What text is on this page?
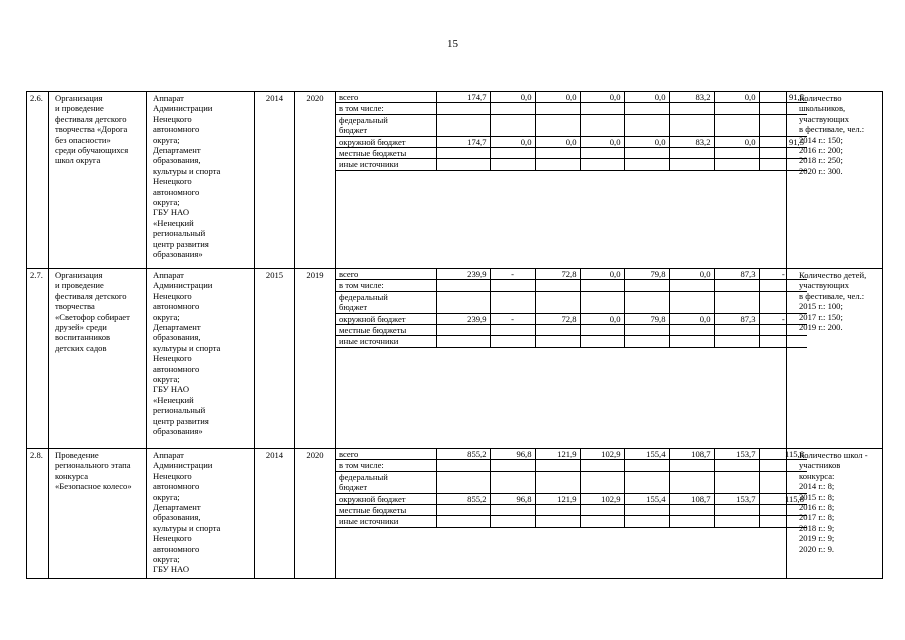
15
2.6.	Организация
и проведение
фестиваля детского
творчества «Дорога
без опасности»
среди обучающихся
школ округа	Аппарат
Администрации
Ненецкого
автономного
округа;
Департамент
образования,
культуры и спорта
Ненецкого
автономного
округа;
ГБУ НАО
«Ненецкий
региональный
центр развития
образования»	2014	2020	всего	174,7	0,0	0,0	0,0	0,0	83,2	0,0	91,5
в том числе:								
федеральный
бюджет								
окружной бюджет	174,7	0,0	0,0	0,0	0,0	83,2	0,0	91,5
местные бюджеты								
иные источники								
	Количество
школьников,
участвующих
в фестивале, чел.:
2014 г.: 150;
2016 г.: 200;
2018 г.: 250;
2020 г.: 300.
2.7.	Организация
и проведение
фестиваля детского
творчества
«Светофор собирает
друзей» среди
воспитанников
детских садов	Аппарат
Администрации
Ненецкого
автономного
округа;
Департамент
образования,
культуры и спорта
Ненецкого
автономного
округа;
ГБУ НАО
«Ненецкий
региональный
центр развития
образования»	2015	2019	всего	239,9	-	72,8	0,0	79,8	0,0	87,3	-
в том числе:								
федеральный
бюджет								
окружной бюджет	239,9	-	72,8	0,0	79,8	0,0	87,3	-
местные бюджеты								
иные источники								
	Количество детей,
участвующих
в фестивале, чел.:
2015 г.: 100;
2017 г.: 150;
2019 г.: 200.
2.8.	Проведение
регионального этапа
конкурса
«Безопасное колесо»	Аппарат
Администрации
Ненецкого
автономного
округа;
Департамент
образования,
культуры и спорта
Ненецкого
автономного
округа;
ГБУ НАО	2014	2020	всего	855,2	96,8	121,9	102,9	155,4	108,7	153,7	115,8
в том числе:								
федеральный
бюджет								
окружной бюджет	855,2	96,8	121,9	102,9	155,4	108,7	153,7	115,8
местные бюджеты								
иные источники								
	Количество школ -
участников
конкурса:
2014 г.: 8;
2015 г.: 8;
2016 г.: 8;
2017 г.: 8;
2018 г.: 9;
2019 г.: 9;
2020 г.: 9.
